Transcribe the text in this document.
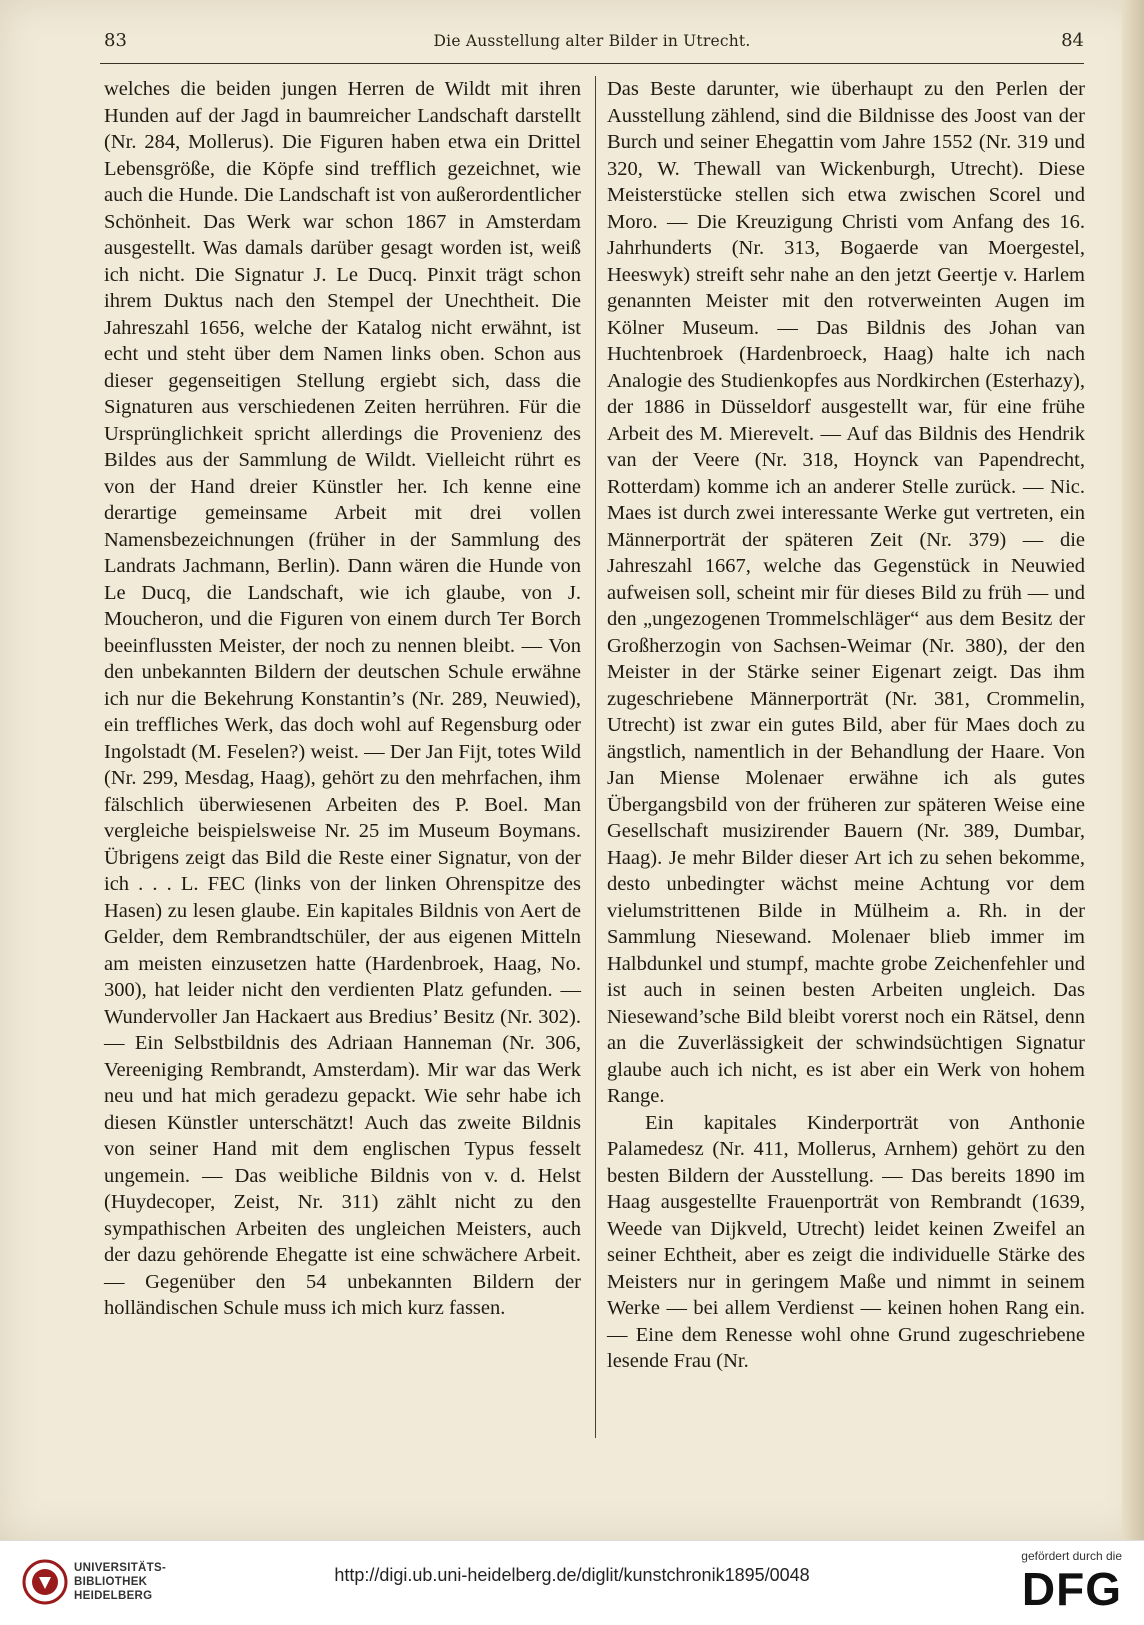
83	Die Ausstellung alter Bilder in Utrecht.	84

welches die beiden jungen Herren de Wildt mit ihren Hunden auf der Jagd in baumreicher Landschaft darstellt (Nr. 284, Mollerus). Die Figuren haben etwa ein Drittel Lebensgröße, die Köpfe sind trefflich gezeichnet, wie auch die Hunde. Die Landschaft ist von außerordentlicher Schönheit. Das Werk war schon 1867 in Amsterdam ausgestellt. Was damals darüber gesagt worden ist, weiß ich nicht. Die Signatur J. Le Ducq. Pinxit trägt schon ihrem Duktus nach den Stempel der Unechtheit. Die Jahreszahl 1656, welche der Katalog nicht erwähnt, ist echt und steht über dem Namen links oben. Schon aus dieser gegenseitigen Stellung ergiebt sich, dass die Signaturen aus verschiedenen Zeiten herrühren. Für die Ursprünglichkeit spricht allerdings die Provenienz des Bildes aus der Sammlung de Wildt. Vielleicht rührt es von der Hand dreier Künstler her. Ich kenne eine derartige gemeinsame Arbeit mit drei vollen Namensbezeichnungen (früher in der Sammlung des Landrats Jachmann, Berlin). Dann wären die Hunde von Le Ducq, die Landschaft, wie ich glaube, von J. Moucheron, und die Figuren von einem durch Ter Borch beeinflussten Meister, der noch zu nennen bleibt. — Von den unbekannten Bildern der deutschen Schule erwähne ich nur die Bekehrung Konstantin’s (Nr. 289, Neuwied), ein treffliches Werk, das doch wohl auf Regensburg oder Ingolstadt (M. Feselen?) weist. — Der Jan Fijt, totes Wild (Nr. 299, Mesdag, Haag), gehört zu den mehrfachen, ihm fälschlich überwiesenen Arbeiten des P. Boel. Man vergleiche beispielsweise Nr. 25 im Museum Boymans. Übrigens zeigt das Bild die Reste einer Signatur, von der ich . . . L. FEC (links von der linken Ohrenspitze des Hasen) zu lesen glaube. Ein kapitales Bildnis von Aert de Gelder, dem Rembrandtschüler, der aus eigenen Mitteln am meisten einzusetzen hatte (Hardenbroek, Haag, No. 300), hat leider nicht den verdienten Platz gefunden. — Wundervoller Jan Hackaert aus Bredius’ Besitz (Nr. 302). — Ein Selbstbildnis des Adriaan Hanneman (Nr. 306, Vereeniging Rembrandt, Amsterdam). Mir war das Werk neu und hat mich geradezu gepackt. Wie sehr habe ich diesen Künstler unterschätzt! Auch das zweite Bildnis von seiner Hand mit dem englischen Typus fesselt ungemein. — Das weibliche Bildnis von v. d. Helst (Huydecoper, Zeist, Nr. 311) zählt nicht zu den sympathischen Arbeiten des ungleichen Meisters, auch der dazu gehörende Ehegatte ist eine schwächere Arbeit. — Gegenüber den 54 unbekannten Bildern der holländischen Schule muss ich mich kurz fassen.

Das Beste darunter, wie überhaupt zu den Perlen der Ausstellung zählend, sind die Bildnisse des Joost van der Burch und seiner Ehegattin vom Jahre 1552 (Nr. 319 und 320, W. Thewall van Wickenburgh, Utrecht). Diese Meisterstücke stellen sich etwa zwischen Scorel und Moro. — Die Kreuzigung Christi vom Anfang des 16. Jahrhunderts (Nr. 313, Bogaerde van Moergestel, Heeswyk) streift sehr nahe an den jetzt Geertje v. Harlem genannten Meister mit den rotverweinten Augen im Kölner Museum. — Das Bildnis des Johan van Huchtenbroek (Hardenbroeck, Haag) halte ich nach Analogie des Studienkopfes aus Nordkirchen (Esterhazy), der 1886 in Düsseldorf ausgestellt war, für eine frühe Arbeit des M. Mierevelt. — Auf das Bildnis des Hendrik van der Veere (Nr. 318, Hoynck van Papendrecht, Rotterdam) komme ich an anderer Stelle zurück. — Nic. Maes ist durch zwei interessante Werke gut vertreten, ein Männerporträt der späteren Zeit (Nr. 379) — die Jahreszahl 1667, welche das Gegenstück in Neuwied aufweisen soll, scheint mir für dieses Bild zu früh — und den „ungezogenen Trommelschläger“ aus dem Besitz der Großherzogin von Sachsen-Weimar (Nr. 380), der den Meister in der Stärke seiner Eigenart zeigt. Das ihm zugeschriebene Männerporträt (Nr. 381, Crommelin, Utrecht) ist zwar ein gutes Bild, aber für Maes doch zu ängstlich, namentlich in der Behandlung der Haare. Von Jan Miense Molenaer erwähne ich als gutes Übergangsbild von der früheren zur späteren Weise eine Gesellschaft musizirender Bauern (Nr. 389, Dumbar, Haag). Je mehr Bilder dieser Art ich zu sehen bekomme, desto unbedingter wächst meine Achtung vor dem vielumstrittenen Bilde in Mülheim a. Rh. in der Sammlung Niesewand. Molenaer blieb immer im Halbdunkel und stumpf, machte grobe Zeichenfehler und ist auch in seinen besten Arbeiten ungleich. Das Niesewand’sche Bild bleibt vorerst noch ein Rätsel, denn an die Zuverlässigkeit der schwindsüchtigen Signatur glaube auch ich nicht, es ist aber ein Werk von hohem Range.

Ein kapitales Kinderporträt von Anthonie Palamedesz (Nr. 411, Mollerus, Arnhem) gehört zu den besten Bildern der Ausstellung. — Das bereits 1890 im Haag ausgestellte Frauenporträt von Rembrandt (1639, Weede van Dijkveld, Utrecht) leidet keinen Zweifel an seiner Echtheit, aber es zeigt die individuelle Stärke des Meisters nur in geringem Maße und nimmt in seinem Werke — bei allem Verdienst — keinen hohen Rang ein. — Eine dem Renesse wohl ohne Grund zugeschriebene lesende Frau (Nr.

UNIVERSITÄTS-
BIBLIOTHEK
HEIDELBERG
http://digi.ub.uni-heidelberg.de/diglit/kunstchronik1895/0048
gefördert durch die
DFG
